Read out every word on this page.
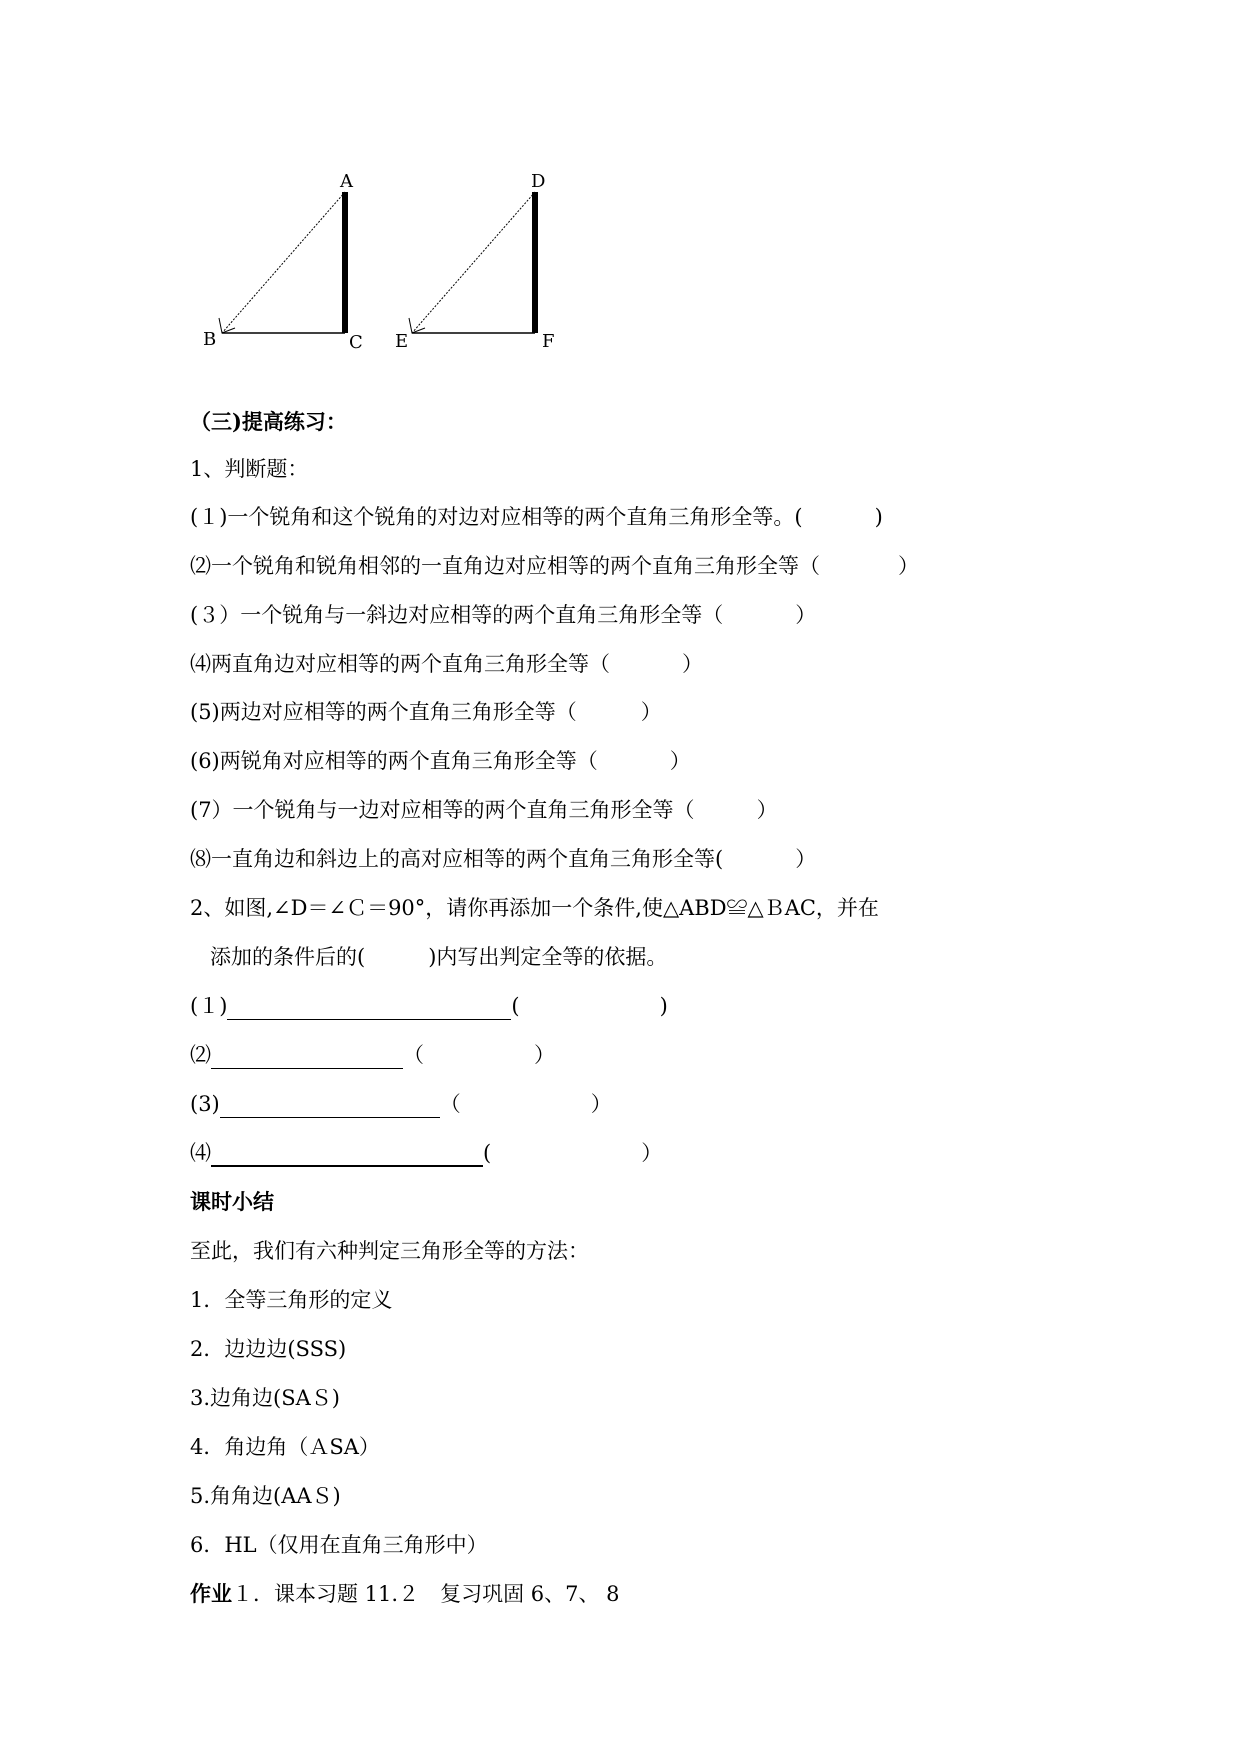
A
B	C
D
E	F
（三)提高练习：
1、判断题：
(１)一个锐角和这个锐角的对边对应相等的两个直角三角形全等。(	)
⑵一个锐角和锐角相邻的一直角边对应相等的两个直角三角形全等（	）
(３）一个锐角与一斜边对应相等的两个直角三角形全等（	）
⑷两直角边对应相等的两个直角三角形全等（	）
(5)两边对应相等的两个直角三角形全等（	）
(6)两锐角对应相等的两个直角三角形全等（	）
(7）一个锐角与一边对应相等的两个直角三角形全等（	）
⑻一直角边和斜边上的高对应相等的两个直角三角形全等(	）
2、如图,∠D＝∠Ｃ＝90°，请你再添加一个条件,使△ABD≌△ＢAC，并在
添加的条件后的(　　　)内写出判定全等的依据。
(１)	(	)
⑵	（	）
(3)	（	）
⑷	(	）
课时小结
至此，我们有六种判定三角形全等的方法：
1．全等三角形的定义
2．边边边(SSS)
3.边角边(SAＳ)
4．角边角（ＡSA）
5.角角边(AAＳ)
6．HL（仅用在直角三角形中）
作业１．课本习题 11.２　复习巩固 6、7、 8
